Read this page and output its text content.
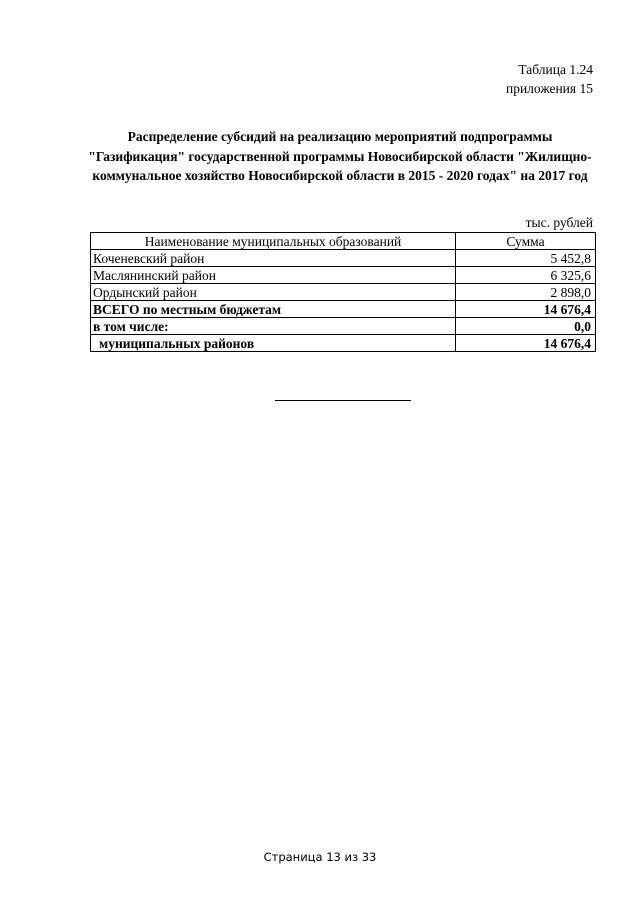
Таблица 1.24
приложения 15
Распределение субсидий на реализацию мероприятий подпрограммы
"Газификация" государственной программы Новосибирской области "Жилищно-
коммунальное хозяйство Новосибирской области в 2015 - 2020 годах" на 2017 год
тыс. рублей
Наименование муниципальных образований	Сумма
Коченевский район	5 452,8
Маслянинский район	6 325,6
Ордынский район	2 898,0
ВСЕГО по местным бюджетам	14 676,4
в том числе:	0,0
муниципальных районов	14 676,4
Страница 13 из 33
